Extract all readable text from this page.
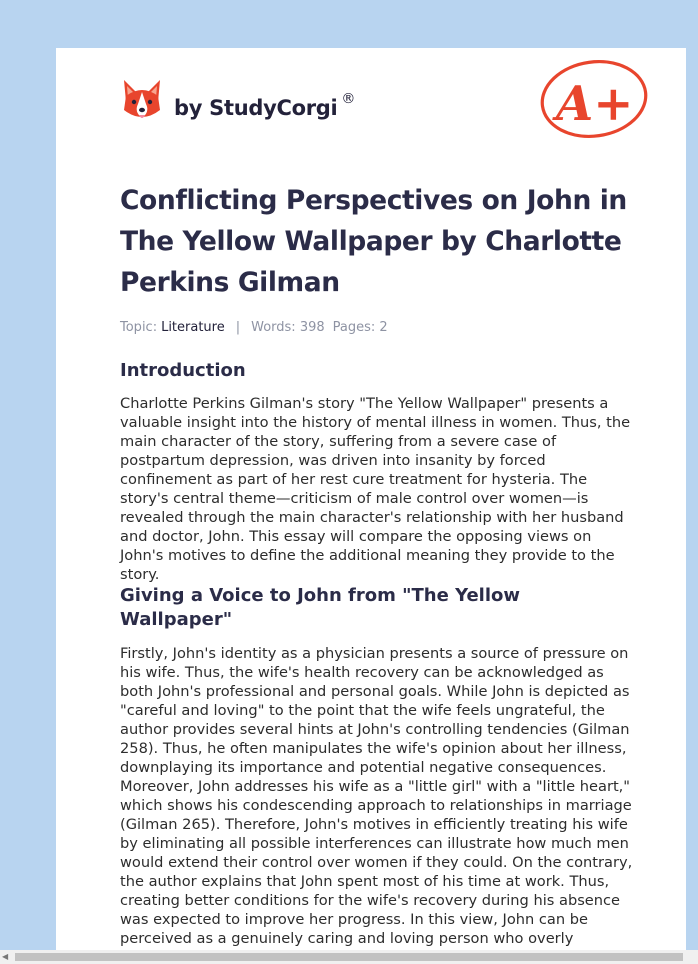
by StudyCorgi ®	A+
Conflicting Perspectives on John in The Yellow Wallpaper by Charlotte Perkins Gilman
Topic: Literature | Words: 398 Pages: 2
Introduction

Charlotte Perkins Gilman's story "The Yellow Wallpaper" presents a valuable insight into the history of mental illness in women. Thus, the main character of the story, suffering from a severe case of postpartum depression, was driven into insanity by forced confinement as part of her rest cure treatment for hysteria. The story's central theme—criticism of male control over women—is revealed through the main character's relationship with her husband and doctor, John. This essay will compare the opposing views on John's motives to define the additional meaning they provide to the story.

Giving a Voice to John from "The Yellow Wallpaper"

Firstly, John's identity as a physician presents a source of pressure on his wife. Thus, the wife's health recovery can be acknowledged as both John's professional and personal goals. While John is depicted as "careful and loving" to the point that the wife feels ungrateful, the author provides several hints at John's controlling tendencies (Gilman 258). Thus, he often manipulates the wife's opinion about her illness, downplaying its importance and potential negative consequences. Moreover, John addresses his wife as a "little girl" with a "little heart," which shows his condescending approach to relationships in marriage (Gilman 265). Therefore, John's motives in efficiently treating his wife by eliminating all possible interferences can illustrate how much men would extend their control over women if they could. On the contrary, the author explains that John spent most of his time at work. Thus, creating better conditions for the wife's recovery during his absence was expected to improve her progress. In this view, John can be perceived as a genuinely caring and loving person who overly

◀
